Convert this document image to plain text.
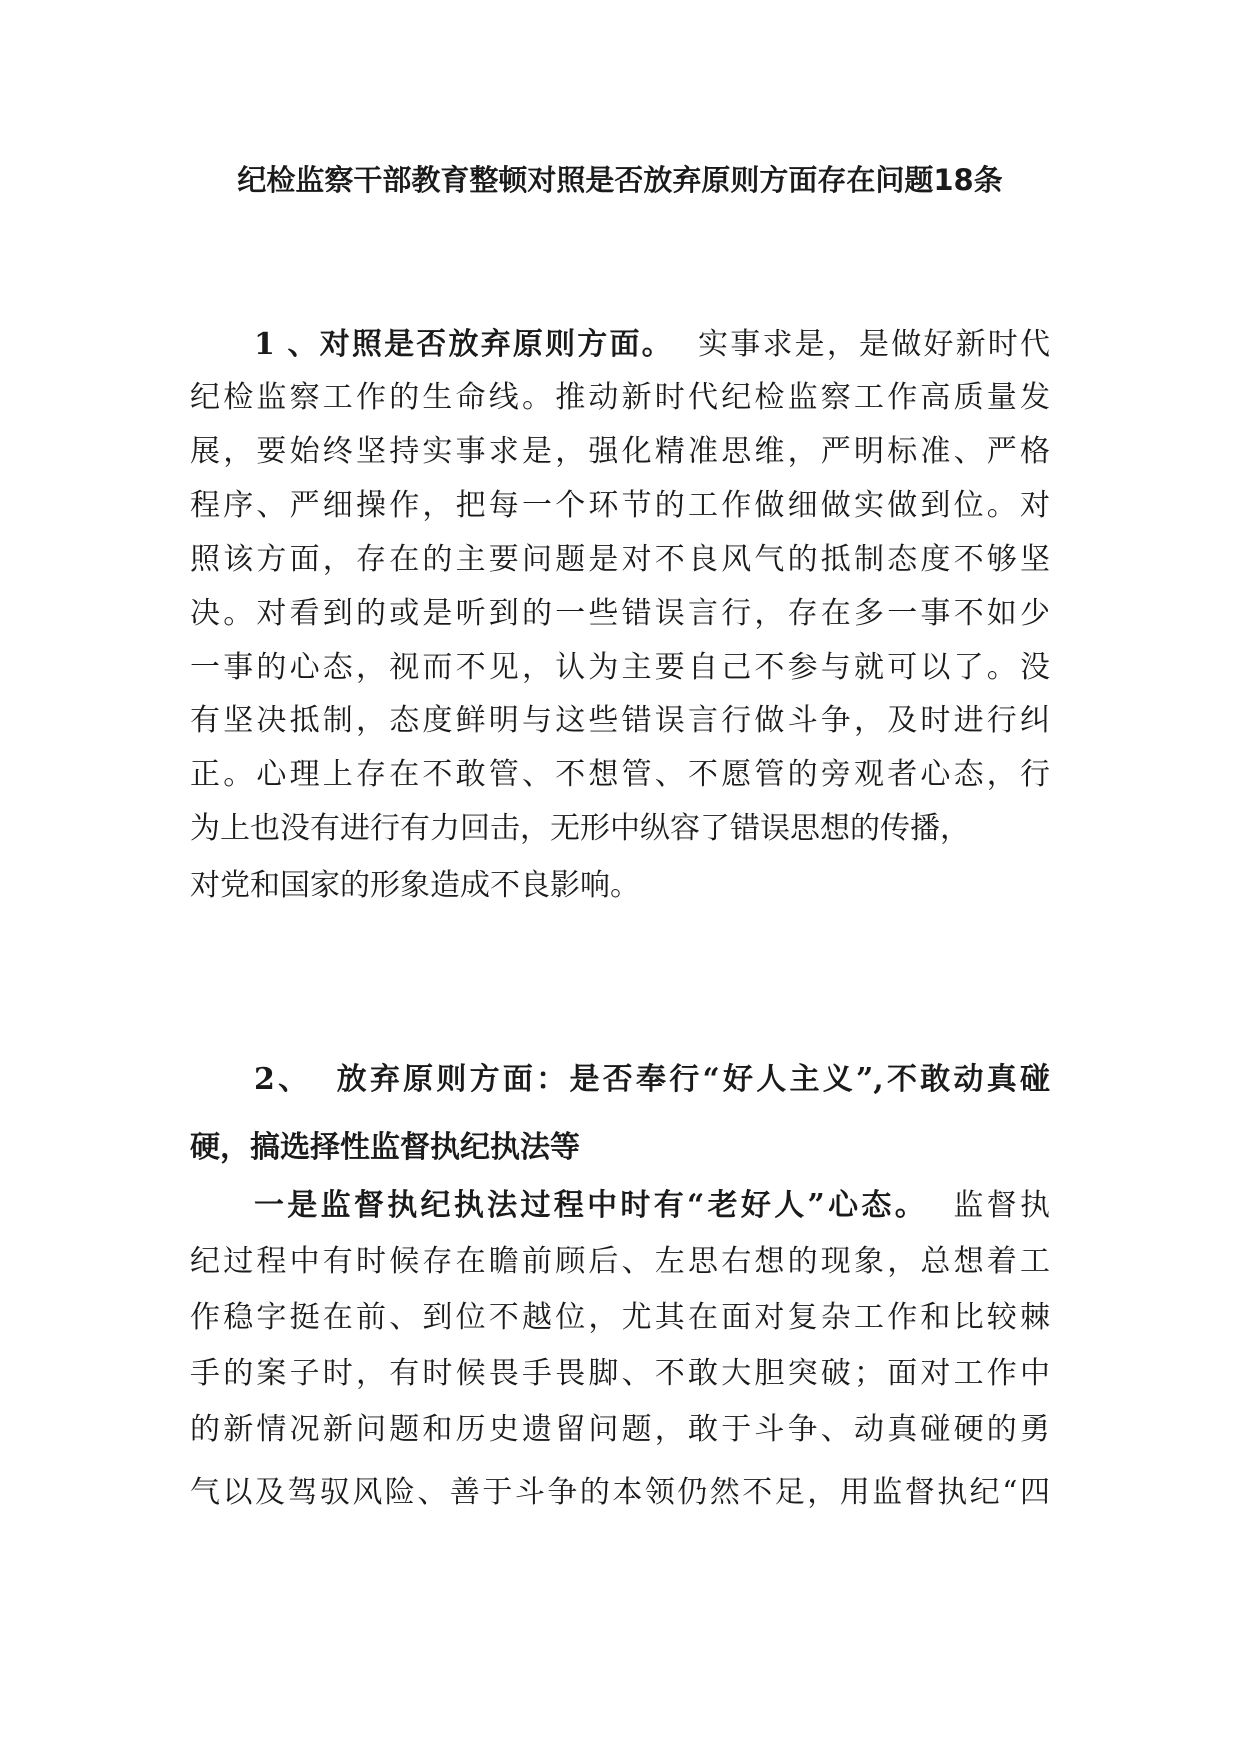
纪检监察干部教育整顿对照是否放弃原则方面存在问题18条

1 、对照是否放弃原则方面。 实事求是，是做好新时代

纪检监察工作的生命线。推动新时代纪检监察工作高质量发

展，要始终坚持实事求是，强化精准思维，严明标准、严格

程序、严细操作，把每一个环节的工作做细做实做到位。对

照该方面，存在的主要问题是对不良风气的抵制态度不够坚

决。对看到的或是听到的一些错误言行，存在多一事不如少

一事的心态，视而不见，认为主要自己不参与就可以了。没

有坚决抵制，态度鲜明与这些错误言行做斗争，及时进行纠

正。心理上存在不敢管、不想管、不愿管的旁观者心态，行

为上也没有进行有力回击，无形中纵容了错误思想的传播，

对党和国家的形象造成不良影响。

2、 放弃原则方面：是否奉行“好人主义”,不敢动真碰

硬，搞选择性监督执纪执法等

一是监督执纪执法过程中时有“老好人”心态。 监督执

纪过程中有时候存在瞻前顾后、左思右想的现象，总想着工

作稳字挺在前、到位不越位，尤其在面对复杂工作和比较棘

手的案子时，有时候畏手畏脚、不敢大胆突破；面对工作中

的新情况新问题和历史遗留问题，敢于斗争、动真碰硬的勇

气以及驾驭风险、善于斗争的本领仍然不足，用监督执纪“四
